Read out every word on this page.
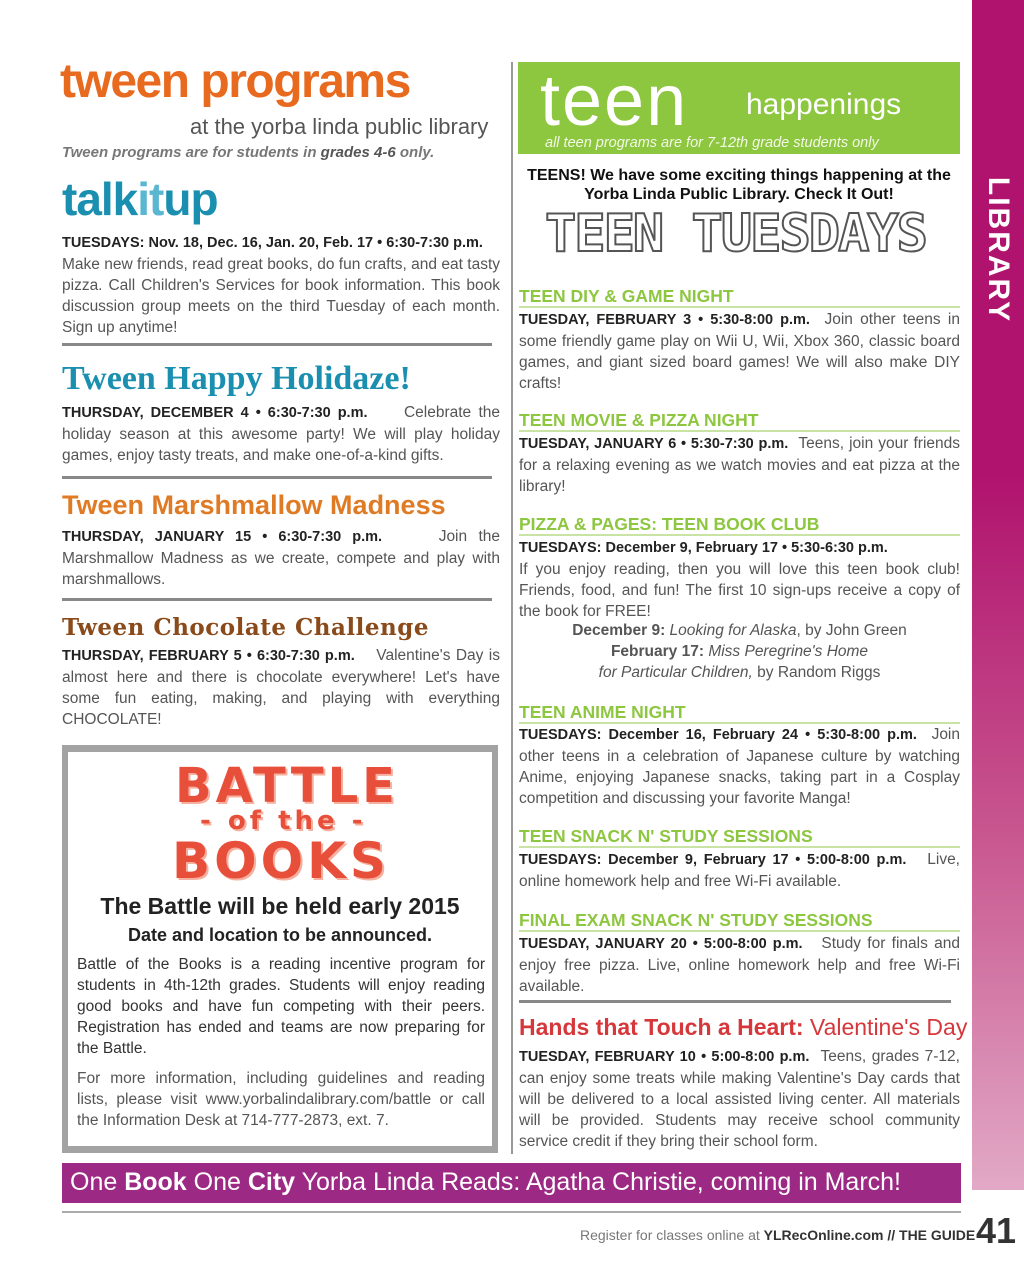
LIBRARY
tween programs
at the yorba linda public library
Tween programs are for students in grades 4-6 only.
talkitup
TUESDAYS: Nov. 18, Dec. 16, Jan. 20, Feb. 17 • 6:30-7:30 p.m.
Make new friends, read great books, do fun crafts, and eat tasty pizza. Call Children's Services for book information. This book discussion group meets on the third Tuesday of each month. Sign up anytime!
Tween Happy Holidaze!
THURSDAY, DECEMBER 4 • 6:30-7:30 p.m. Celebrate the holiday season at this awesome party! We will play holiday games, enjoy tasty treats, and make one-of-a-kind gifts.
Tween Marshmallow Madness
THURSDAY, JANUARY 15 • 6:30-7:30 p.m.	Join the Marshmallow Madness as we create, compete and play with marshmallows.
Tween Chocolate Challenge
THURSDAY, FEBRUARY 5 • 6:30-7:30 p.m. Valentine's Day is almost here and there is chocolate everywhere! Let's have some fun eating, making, and playing with everything CHOCOLATE!
BATTLE
- of the -
BOOKS
The Battle will be held early 2015
Date and location to be announced.
Battle of the Books is a reading incentive program for students in 4th-12th grades. Students will enjoy reading good books and have fun competing with their peers. Registration has ended and teams are now preparing for the Battle.
For more information, including guidelines and reading lists, please visit www.yorbalindalibrary.com/battle or call the Information Desk at 714-777-2873, ext. 7.
teen happenings
all teen programs are for 7-12th grade students only
TEENS! We have some exciting things happening at the Yorba Linda Public Library. Check It Out!
TEEN TUESDAYS
TEEN DIY & GAME NIGHT
TUESDAY, FEBRUARY 3 • 5:30-8:00 p.m. Join other teens in some friendly game play on Wii U, Wii, Xbox 360, classic board games, and giant sized board games! We will also make DIY crafts!
TEEN MOVIE & PIZZA NIGHT
TUESDAY, JANUARY 6 • 5:30-7:30 p.m. Teens, join your friends for a relaxing evening as we watch movies and eat pizza at the library!
PIZZA & PAGES: TEEN BOOK CLUB
TUESDAYS: December 9, February 17 • 5:30-6:30 p.m.
If you enjoy reading, then you will love this teen book club! Friends, food, and fun! The first 10 sign-ups receive a copy of the book for FREE!
December 9: Looking for Alaska, by John Green
February 17: Miss Peregrine's Home
for Particular Children, by Random Riggs
TEEN ANIME NIGHT
TUESDAYS: December 16, February 24 • 5:30-8:00 p.m. Join other teens in a celebration of Japanese culture by watching Anime, enjoying Japanese snacks, taking part in a Cosplay competition and discussing your favorite Manga!
TEEN SNACK N' STUDY SESSIONS
TUESDAYS: December 9, February 17 • 5:00-8:00 p.m. Live, online homework help and free Wi-Fi available.
FINAL EXAM SNACK N' STUDY SESSIONS
TUESDAY, JANUARY 20 • 5:00-8:00 p.m. Study for finals and enjoy free pizza. Live, online homework help and free Wi-Fi available.
Hands that Touch a Heart: Valentine's Day
TUESDAY, FEBRUARY 10 • 5:00-8:00 p.m. Teens, grades 7-12, can enjoy some treats while making Valentine's Day cards that will be delivered to a local assisted living center. All materials will be provided. Students may receive school community service credit if they bring their school form.
One Book One City Yorba Linda Reads: Agatha Christie, coming in March!
Register for classes online at YLRecOnline.com // THE GUIDE 41
